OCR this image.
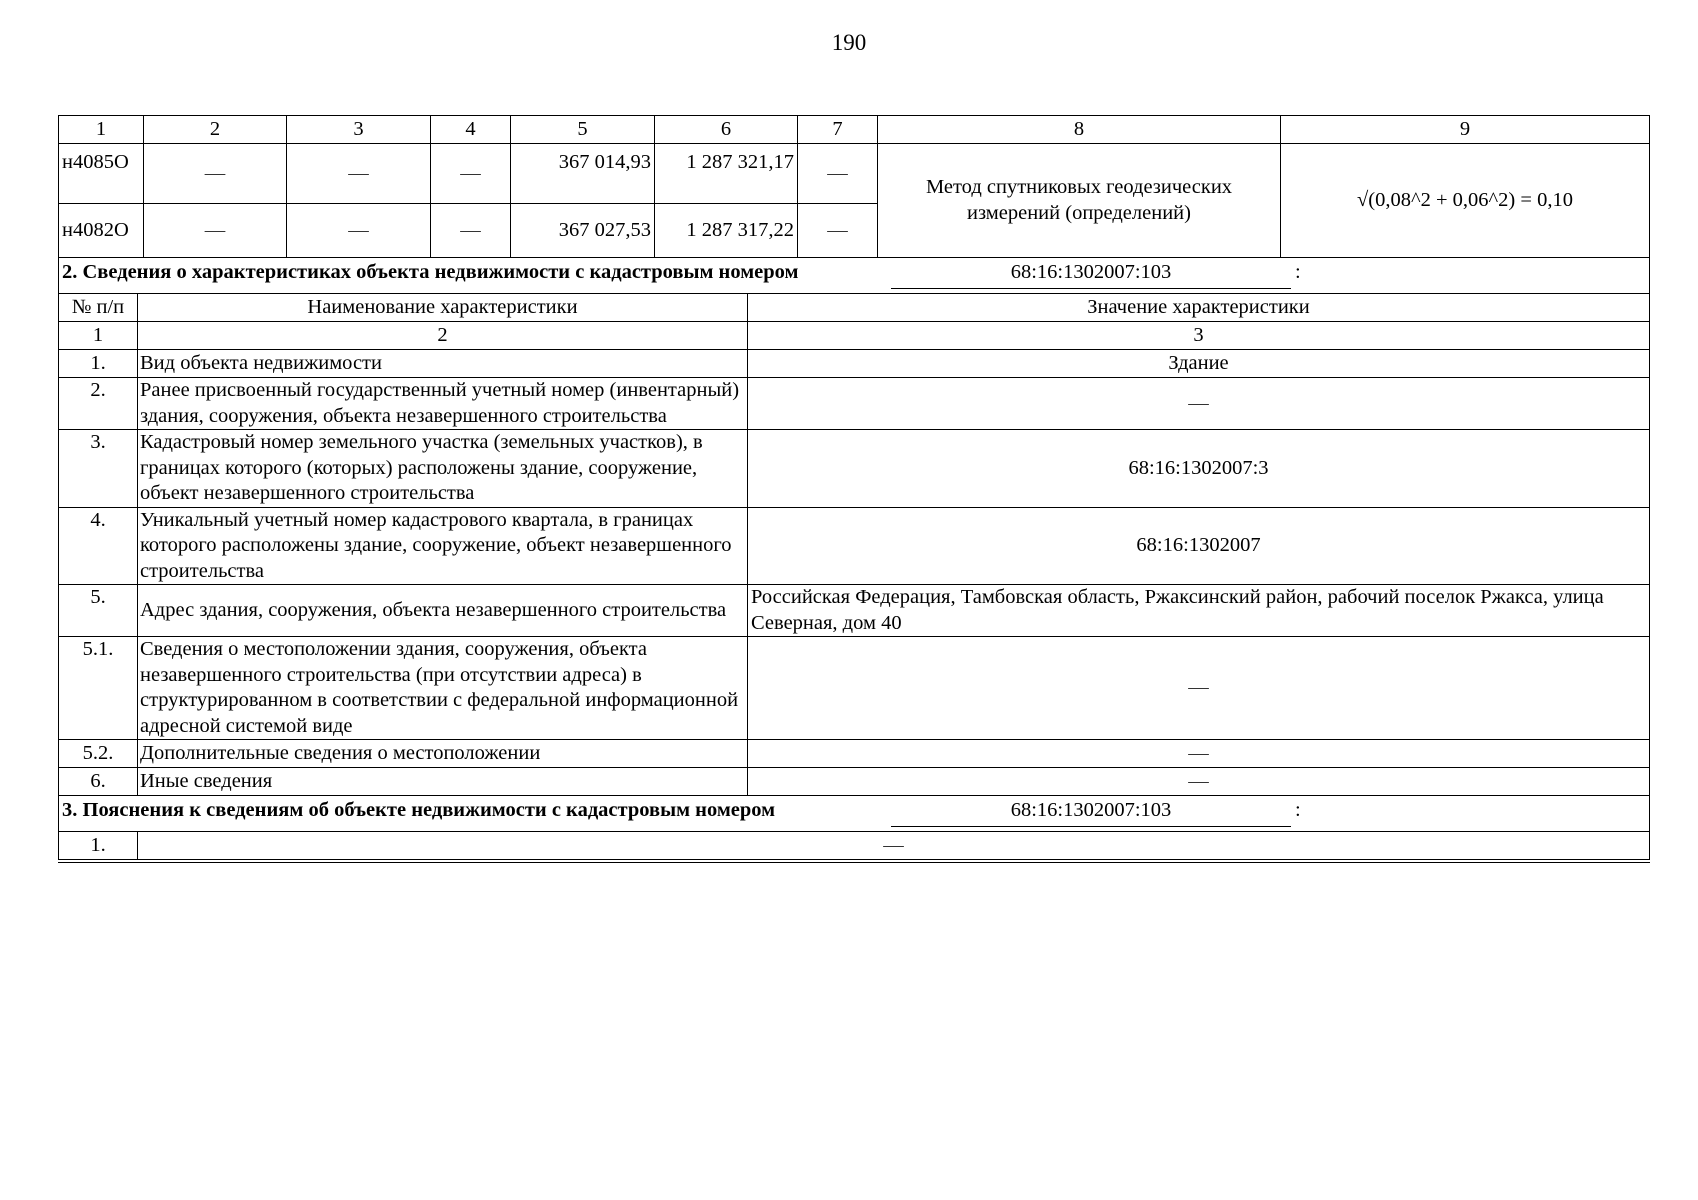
190
1	2	3	4	5	6	7	8	9
н4085О	—	—	—	367 014,93	1 287 321,17	—	Метод спутниковых геодезических измерений (определений)	√(0,08^2 + 0,06^2) = 0,10
н4082О	—	—	—	367 027,53	1 287 317,22	—		
2. Сведения о характеристиках объекта недвижимости с кадастровым номером 68:16:1302007:103 :		

№ п/п	Наименование характеристики	Значение характеристики
1	2	3
1.	Вид объекта недвижимости	Здание
2.	Ранее присвоенный государственный учетный номер (инвентарный) здания, сооружения, объекта незавершенного строительства	—
3.	Кадастровый номер земельного участка (земельных участков), в границах которого (которых) расположены здание, сооружение, объект незавершенного строительства	68:16:1302007:3
4.	Уникальный учетный номер кадастрового квартала, в границах которого расположены здание, сооружение, объект незавершенного строительства	68:16:1302007
5.	Адрес здания, сооружения, объекта незавершенного строительства	Российская Федерация, Тамбовская область, Ржаксинский район, рабочий поселок Ржакса, улица Северная, дом 40
5.1.	Сведения о местоположении здания, сооружения, объекта незавершенного строительства (при отсутствии адреса) в структурированном в соответствии с федеральной информационной адресной системой виде	—
5.2.	Дополнительные сведения о местоположении	—
6.	Иные сведения	—

3. Пояснения к сведениям об объекте недвижимости с кадастровым номером 68:16:1302007:103 :		

1.	—	
